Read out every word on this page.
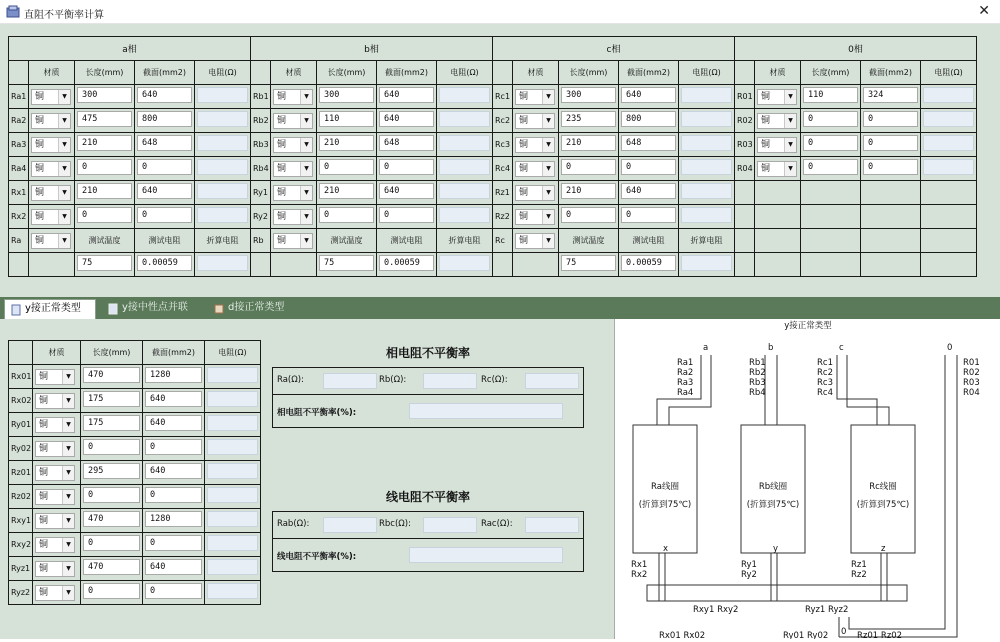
直阻不平衡率计算	✕
a相				
	材质	长度(mm)	截面(mm2)	电阻(Ω)
Ra1	铜 ▼	300	640	
Ra2	铜 ▼	475	800	
Ra3	铜 ▼	210	648	
Ra4	铜 ▼	0	0	
Rx1	铜 ▼	210	640	
Rx2	铜 ▼	0	0	
Ra	铜 ▼	测试温度	测试电阻	折算电阻
		75	0.00059	
b相				
	材质	长度(mm)	截面(mm2)	电阻(Ω)
Rb1	铜 ▼	300	640	
Rb2	铜 ▼	110	640	
Rb3	铜 ▼	210	648	
Rb4	铜 ▼	0	0	
Ry1	铜 ▼	210	640	
Ry2	铜 ▼	0	0	
Rb	铜 ▼	测试温度	测试电阻	折算电阻
		75	0.00059	
c相				
	材质	长度(mm)	截面(mm2)	电阻(Ω)
Rc1	铜 ▼	300	640	
Rc2	铜 ▼	235	800	
Rc3	铜 ▼	210	648	
Rc4	铜 ▼	0	0	
Rz1	铜 ▼	210	640	
Rz2	铜 ▼	0	0	
Rc	铜 ▼	测试温度	测试电阻	折算电阻
		75	0.00059	
0相				
	材质	长度(mm)	截面(mm2)	电阻(Ω)
R01	铜 ▼	110	324	
R02	铜 ▼	0	0	
R03	铜 ▼	0	0	
R04	铜 ▼	0	0	

y接正常类型	y接中性点并联	d接正常类型
	材质	长度(mm)	截面(mm2)	电阻(Ω)
Rx01	铜 ▼	470	1280	
Rx02	铜 ▼	175	640	
Ry01	铜 ▼	175	640	
Ry02	铜 ▼	0	0	
Rz01	铜 ▼	295	640	
Rz02	铜 ▼	0	0	
Rxy1	铜 ▼	470	1280	
Rxy2	铜 ▼	0	0	
Ryz1	铜 ▼	470	640	
Ryz2	铜 ▼	0	0	
相电阻不平衡率
Ra(Ω):	Rb(Ω):	Rc(Ω):
相电阻不平衡率(%):
线电阻不平衡率
Rab(Ω):	Rbc(Ω):	Rac(Ω):
线电阻不平衡率(%):
y接正常类型
a	b	c	0
Ra1
Ra2
Ra3
Ra4
Rb1
Rb2
Rb3
Rb4
Rc1
Rc2
Rc3
Rc4
R01
R02
R03
R04
Rx1
Rx2
Ry1
Ry2
Rz1
Rz2
Ra线圈
(折算到75℃)
Rb线圈
(折算到75℃)
Rc线圈
(折算到75℃)
x	y	z
Rxy1 Rxy2	Ryz1 Ryz2
Rx01 Rx02	Ry01 Ry02	Rz01 Rz02
0
